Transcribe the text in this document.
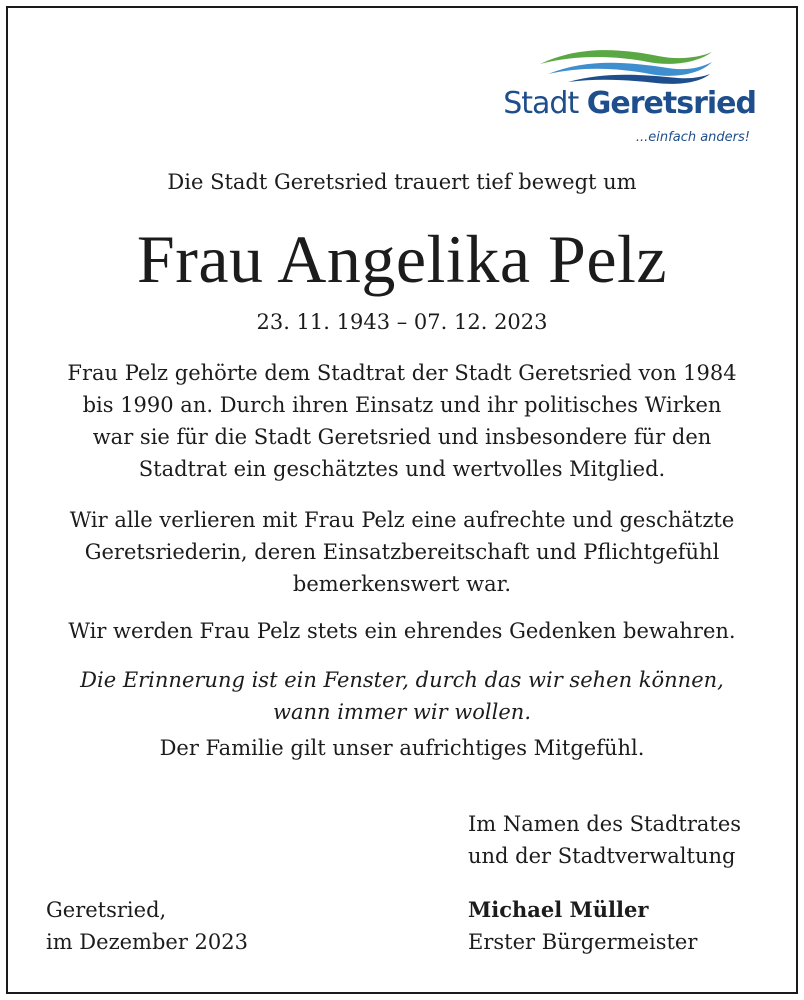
Stadt Geretsried
...einfach anders!
Die Stadt Geretsried trauert tief bewegt um
Frau Angelika Pelz
23. 11. 1943 – 07. 12. 2023
Frau Pelz gehörte dem Stadtrat der Stadt Geretsried von 1984
bis 1990 an. Durch ihren Einsatz und ihr politisches Wirken
war sie für die Stadt Geretsried und insbesondere für den
Stadtrat ein geschätztes und wertvolles Mitglied.
Wir alle verlieren mit Frau Pelz eine aufrechte und geschätzte
Geretsriederin, deren Einsatzbereitschaft und Pflichtgefühl
bemerkenswert war.
Wir werden Frau Pelz stets ein ehrendes Gedenken bewahren.
Die Erinnerung ist ein Fenster, durch das wir sehen können,
wann immer wir wollen.
Der Familie gilt unser aufrichtiges Mitgefühl.
Im Namen des Stadtrates
und der Stadtverwaltung
Geretsried,
im Dezember 2023
Michael Müller
Erster Bürgermeister
